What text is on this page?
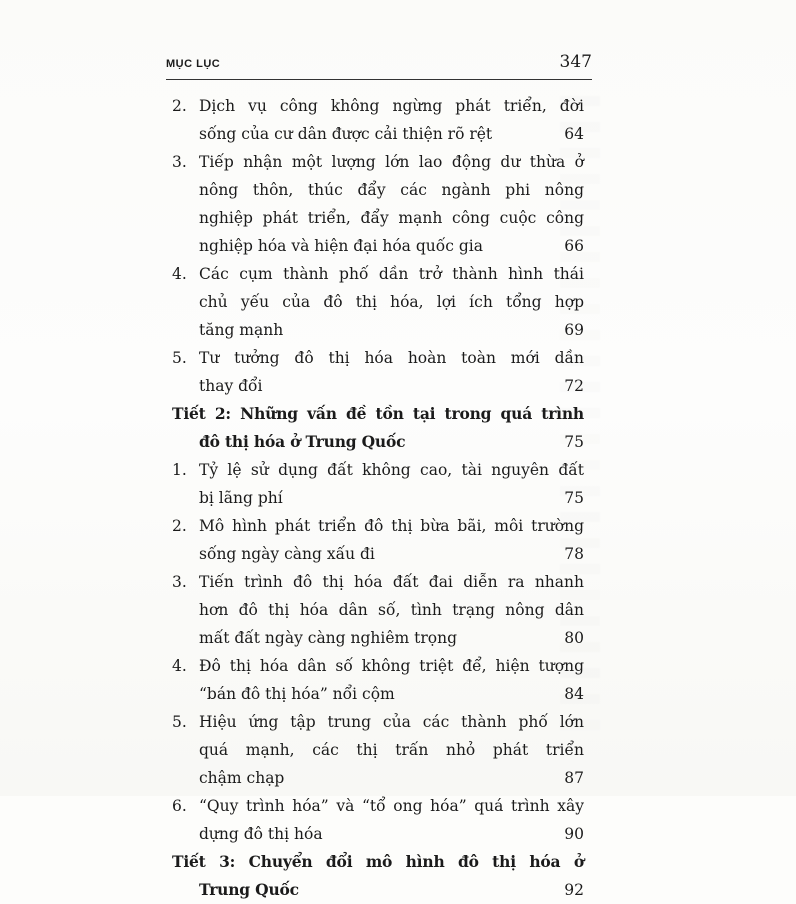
MỤC LỤC	347
2. Dịch vụ công không ngừng phát triển, đời
sống của cư dân được cải thiện rõ rệt	64
3. Tiếp nhận một lượng lớn lao động dư thừa ở
nông thôn, thúc đẩy các ngành phi nông
nghiệp phát triển, đẩy mạnh công cuộc công
nghiệp hóa và hiện đại hóa quốc gia	66
4. Các cụm thành phố dần trở thành hình thái
chủ yếu của đô thị hóa, lợi ích tổng hợp
tăng mạnh	69
5. Tư tưởng đô thị hóa hoàn toàn mới dần
thay đổi	72
Tiết 2: Những vấn đề tồn tại trong quá trình
đô thị hóa ở Trung Quốc	75
1. Tỷ lệ sử dụng đất không cao, tài nguyên đất
bị lãng phí	75
2. Mô hình phát triển đô thị bừa bãi, môi trường
sống ngày càng xấu đi	78
3. Tiến trình đô thị hóa đất đai diễn ra nhanh
hơn đô thị hóa dân số, tình trạng nông dân
mất đất ngày càng nghiêm trọng	80
4. Đô thị hóa dân số không triệt để, hiện tượng
“bán đô thị hóa” nổi cộm	84
5. Hiệu ứng tập trung của các thành phố lớn
quá mạnh, các thị trấn nhỏ phát triển
chậm chạp	87
6. “Quy trình hóa” và “tổ ong hóa” quá trình xây
dựng đô thị hóa	90
Tiết 3: Chuyển đổi mô hình đô thị hóa ở
Trung Quốc	92
